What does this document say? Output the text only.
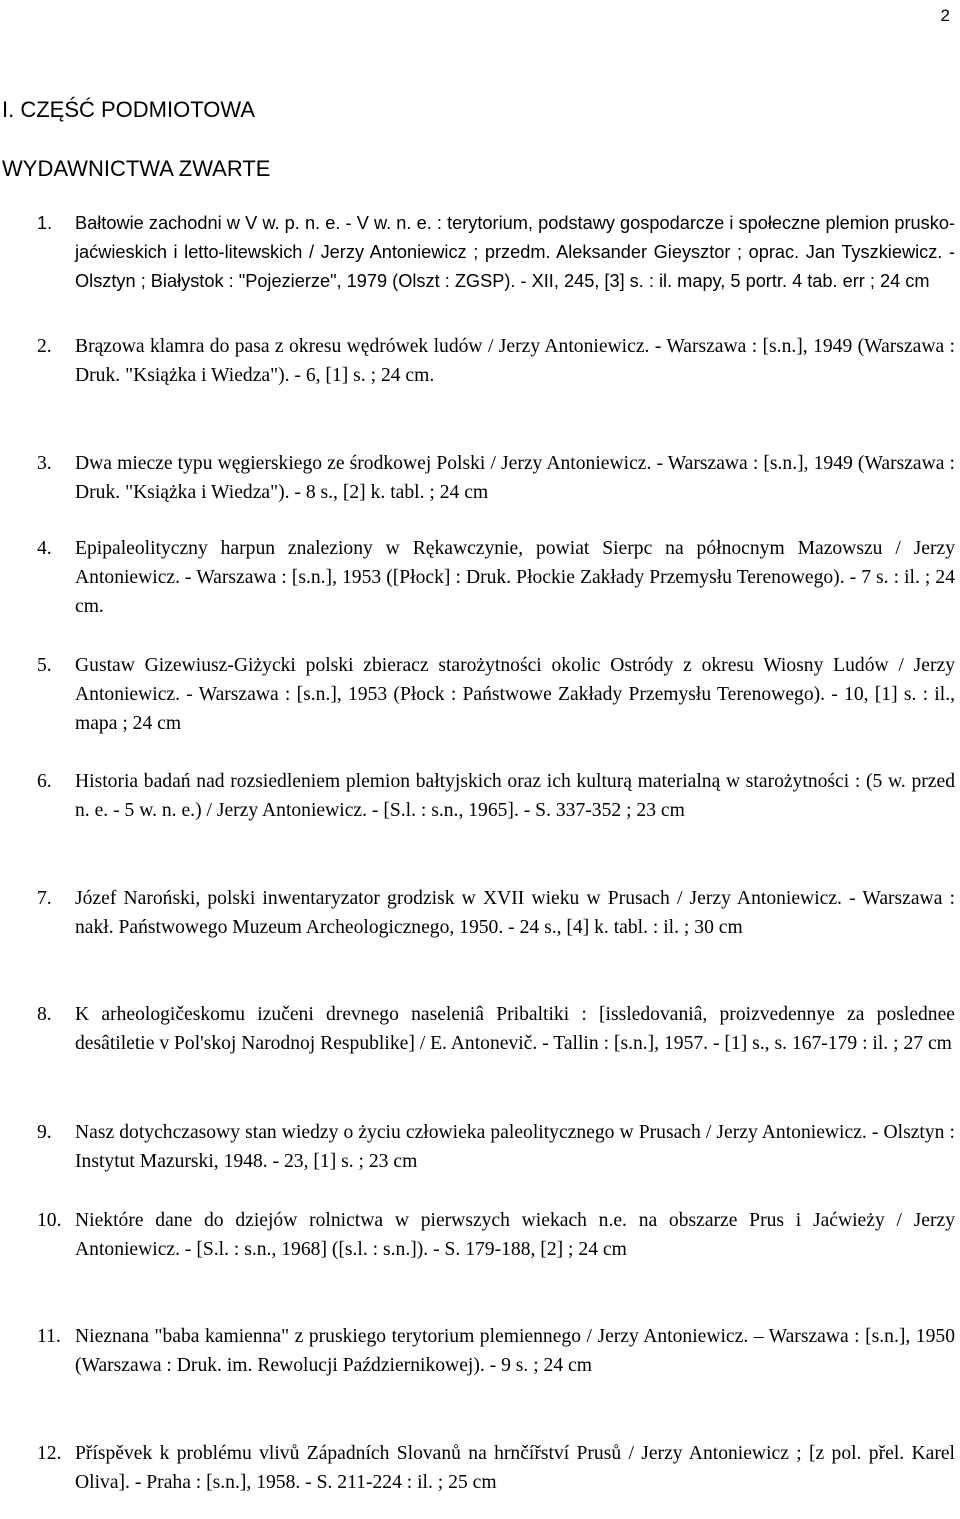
2
I. CZĘŚĆ PODMIOTOWA
WYDAWNICTWA ZWARTE
1. Bałtowie zachodni w V w. p. n. e. - V w. n. e. : terytorium, podstawy gospodarcze i społeczne plemion prusko-jaćwieskich i letto-litewskich / Jerzy Antoniewicz ; przedm. Aleksander Gieysztor ; oprac. Jan Tyszkiewicz. - Olsztyn ; Białystok : "Pojezierze", 1979 (Olszt : ZGSP). - XII, 245, [3] s. : il. mapy, 5 portr. 4 tab. err ; 24 cm
2. Brązowa klamra do pasa z okresu wędrówek ludów / Jerzy Antoniewicz. - Warszawa : [s.n.], 1949 (Warszawa : Druk. "Książka i Wiedza"). - 6, [1] s. ; 24 cm.
3. Dwa miecze typu węgierskiego ze środkowej Polski / Jerzy Antoniewicz. - Warszawa : [s.n.], 1949 (Warszawa : Druk. "Książka i Wiedza"). - 8 s., [2] k. tabl. ; 24 cm
4. Epipaleolityczny harpun znaleziony w Rękawczynie, powiat Sierpc na północnym Mazowszu / Jerzy Antoniewicz. - Warszawa : [s.n.], 1953 ([Płock] : Druk. Płockie Zakłady Przemysłu Terenowego). - 7 s. : il. ; 24 cm.
5. Gustaw Gizewiusz-Giżycki polski zbieracz starożytności okolic Ostródy z okresu Wiosny Ludów / Jerzy Antoniewicz. - Warszawa : [s.n.], 1953 (Płock : Państwowe Zakłady Przemysłu Terenowego). - 10, [1] s. : il., mapa ; 24 cm
6. Historia badań nad rozsiedleniem plemion bałtyjskich oraz ich kulturą materialną w starożytności : (5 w. przed n. e. - 5 w. n. e.) / Jerzy Antoniewicz. - [S.l. : s.n., 1965]. - S. 337-352 ; 23 cm
7. Józef Naroński, polski inwentaryzator grodzisk w XVII wieku w Prusach / Jerzy Antoniewicz. - Warszawa : nakł. Państwowego Muzeum Archeologicznego, 1950. - 24 s., [4] k. tabl. : il. ; 30 cm
8. K arheologičeskomu izučeni drevnego naseleniâ Pribaltiki : [issledovaniâ, proizvedennye za poslednee desâtiletie v Pol'skoj Narodnoj Respublike] / E. Antonevič. - Tallin : [s.n.], 1957. - [1] s., s. 167-179 : il. ; 27 cm
9. Nasz dotychczasowy stan wiedzy o życiu człowieka paleolitycznego w Prusach / Jerzy Antoniewicz. - Olsztyn : Instytut Mazurski, 1948. - 23, [1] s. ; 23 cm
10. Niektóre dane do dziejów rolnictwa w pierwszych wiekach n.e. na obszarze Prus i Jaćwieży / Jerzy Antoniewicz. - [S.l. : s.n., 1968] ([s.l. : s.n.]). - S. 179-188, [2] ; 24 cm
11. Nieznana "baba kamienna" z pruskiego terytorium plemiennego / Jerzy Antoniewicz. – Warszawa : [s.n.], 1950 (Warszawa : Druk. im. Rewolucji Październikowej). - 9 s. ; 24 cm
12. Příspěvek k problému vlivů Západních Slovanů na hrnčířství Prusů / Jerzy Antoniewicz ; [z pol. přel. Karel Oliva]. - Praha : [s.n.], 1958. - S. 211-224 : il. ; 25 cm
